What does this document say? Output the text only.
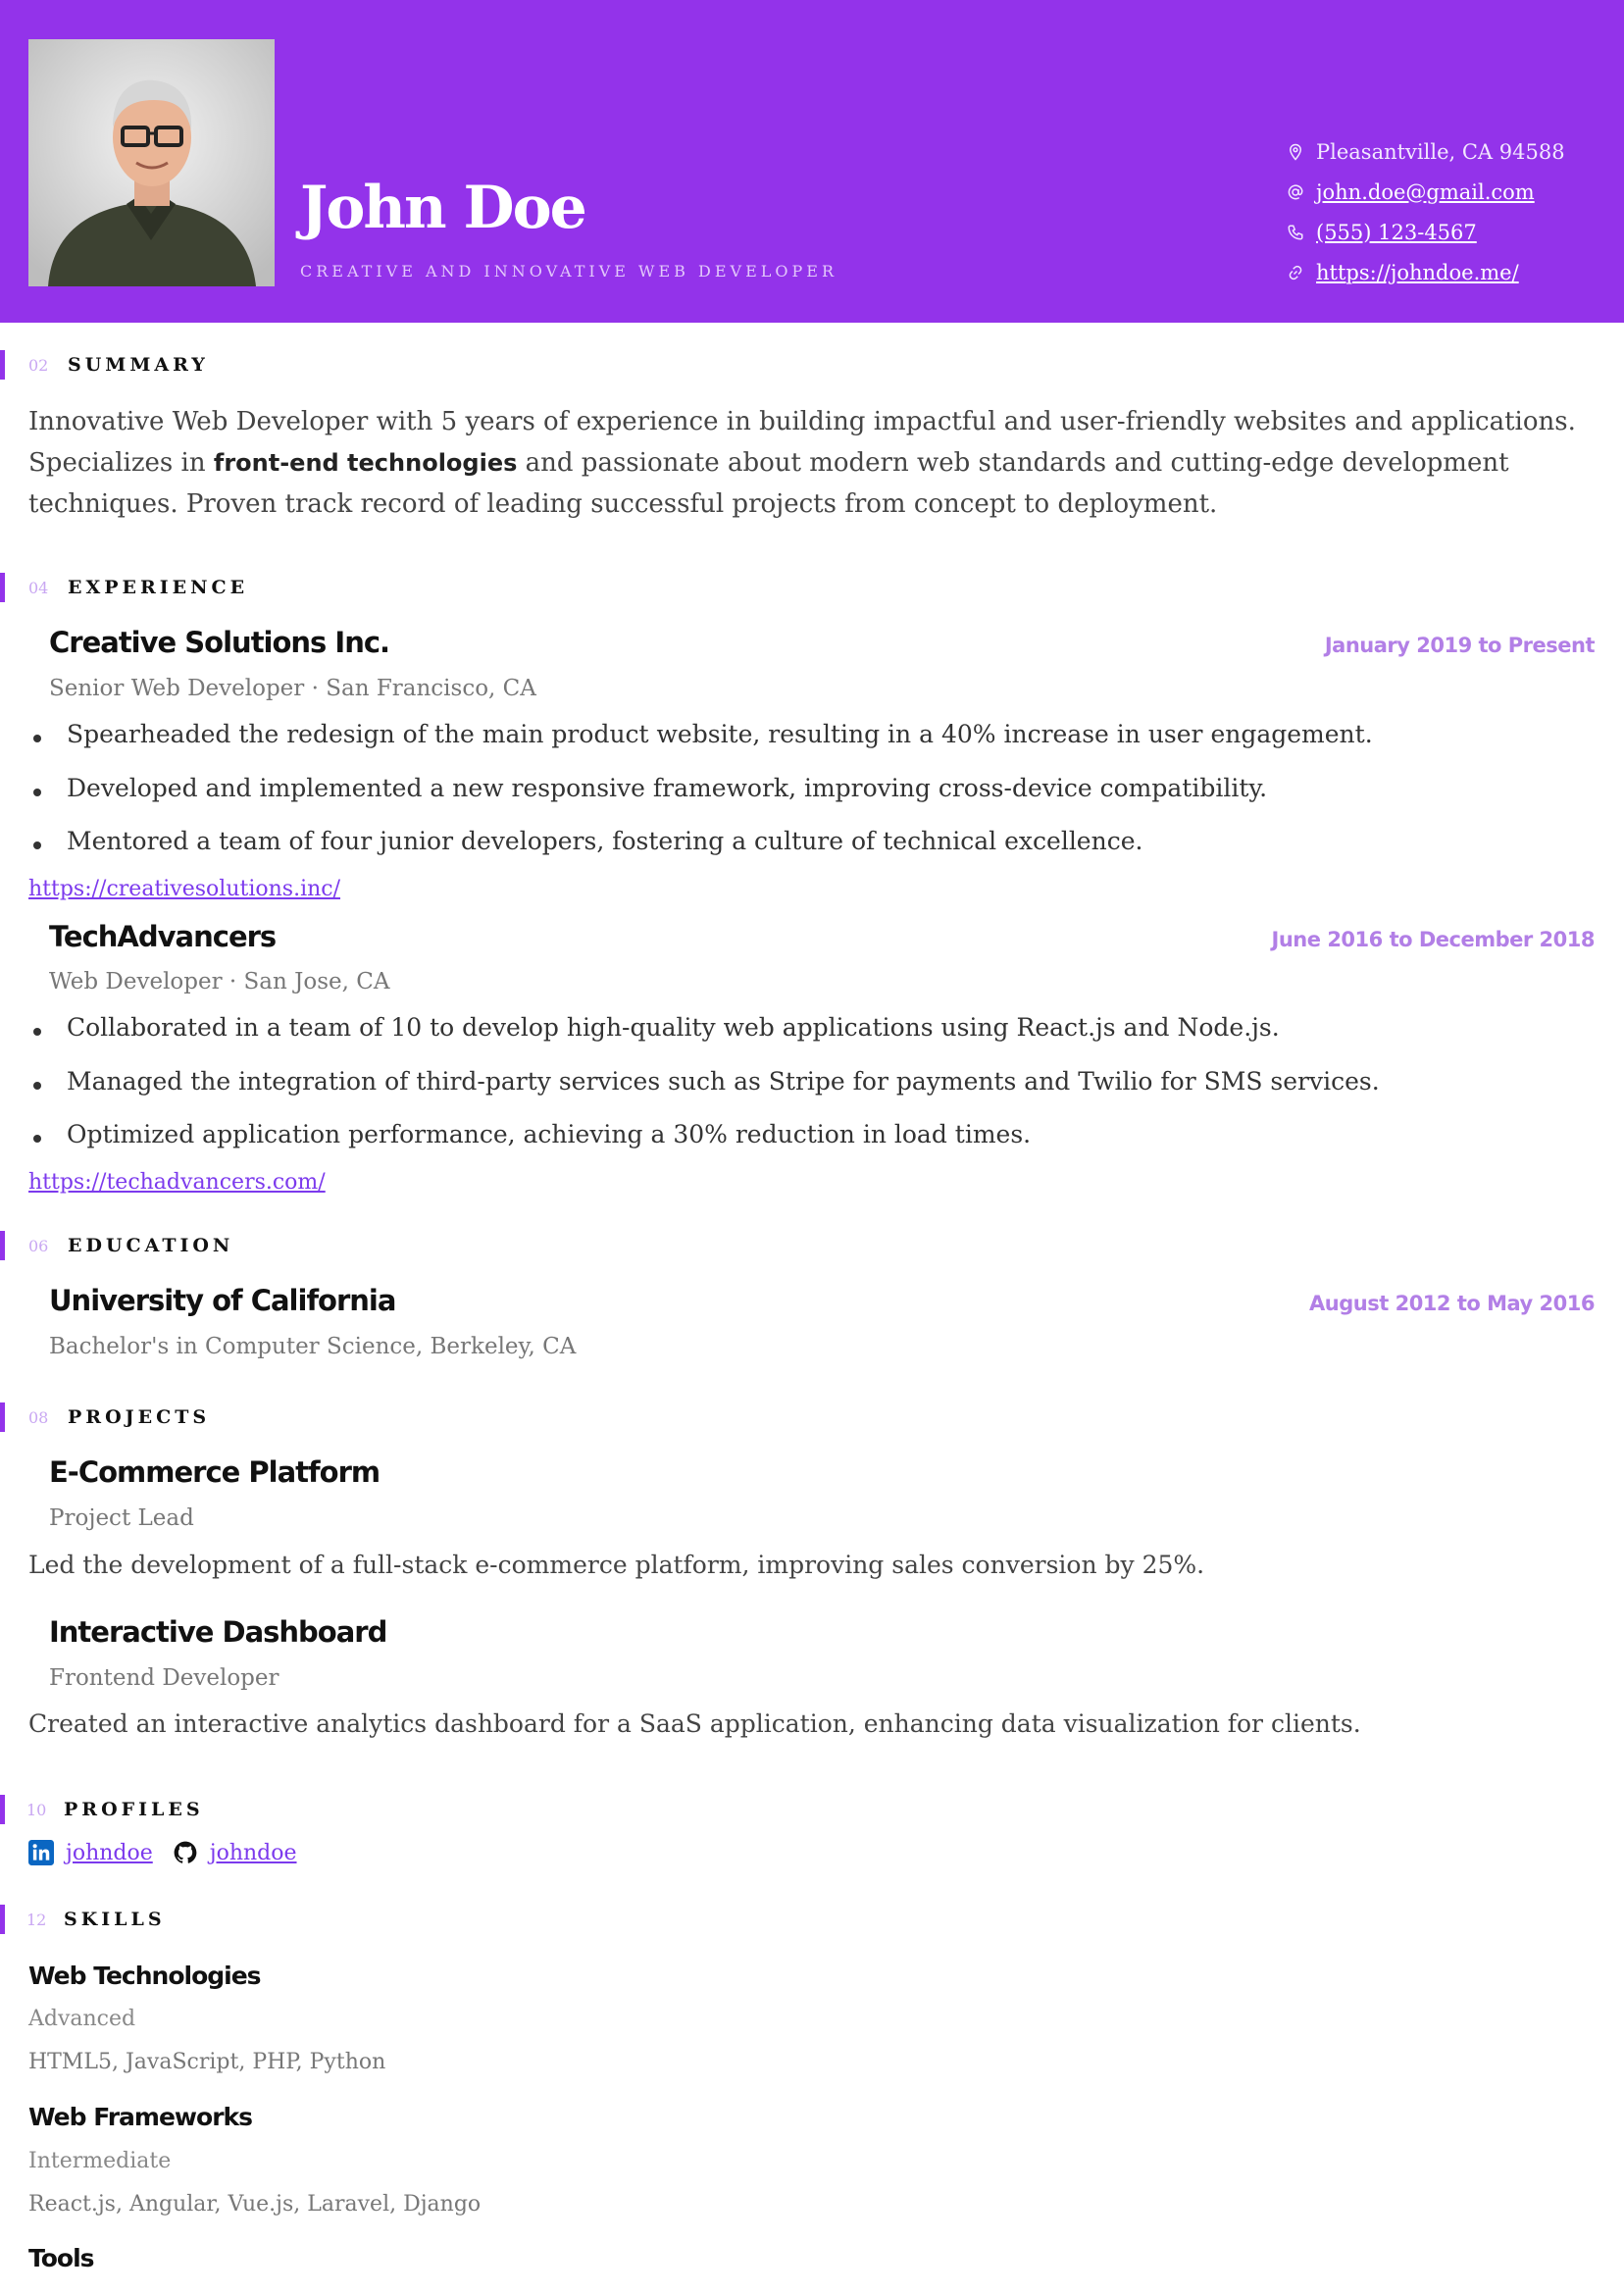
John Doe
CREATIVE AND INNOVATIVE WEB DEVELOPER
Pleasantville, CA 94588
john.doe@gmail.com
(555) 123-4567
https://johndoe.me/
02	SUMMARY
Innovative Web Developer with 5 years of experience in building impactful and user-friendly websites and applications. Specializes in front-end technologies and passionate about modern web standards and cutting-edge development techniques. Proven track record of leading successful projects from concept to deployment.
04	EXPERIENCE
Creative Solutions Inc.	January 2019 to Present
Senior Web Developer · San Francisco, CA
Spearheaded the redesign of the main product website, resulting in a 40% increase in user engagement.
Developed and implemented a new responsive framework, improving cross-device compatibility.
Mentored a team of four junior developers, fostering a culture of technical excellence.
https://creativesolutions.inc/
TechAdvancers	June 2016 to December 2018
Web Developer · San Jose, CA
Collaborated in a team of 10 to develop high-quality web applications using React.js and Node.js.
Managed the integration of third-party services such as Stripe for payments and Twilio for SMS services.
Optimized application performance, achieving a 30% reduction in load times.
https://techadvancers.com/
06	EDUCATION
University of California	August 2012 to May 2016
Bachelor's in Computer Science, Berkeley, CA
08	PROJECTS
E-Commerce Platform
Project Lead
Led the development of a full-stack e-commerce platform, improving sales conversion by 25%.
Interactive Dashboard
Frontend Developer
Created an interactive analytics dashboard for a SaaS application, enhancing data visualization for clients.
10 PROFILES
johndoe	johndoe
12 SKILLS
Web Technologies
Advanced
HTML5, JavaScript, PHP, Python
Web Frameworks
Intermediate
React.js, Angular, Vue.js, Laravel, Django
Tools
